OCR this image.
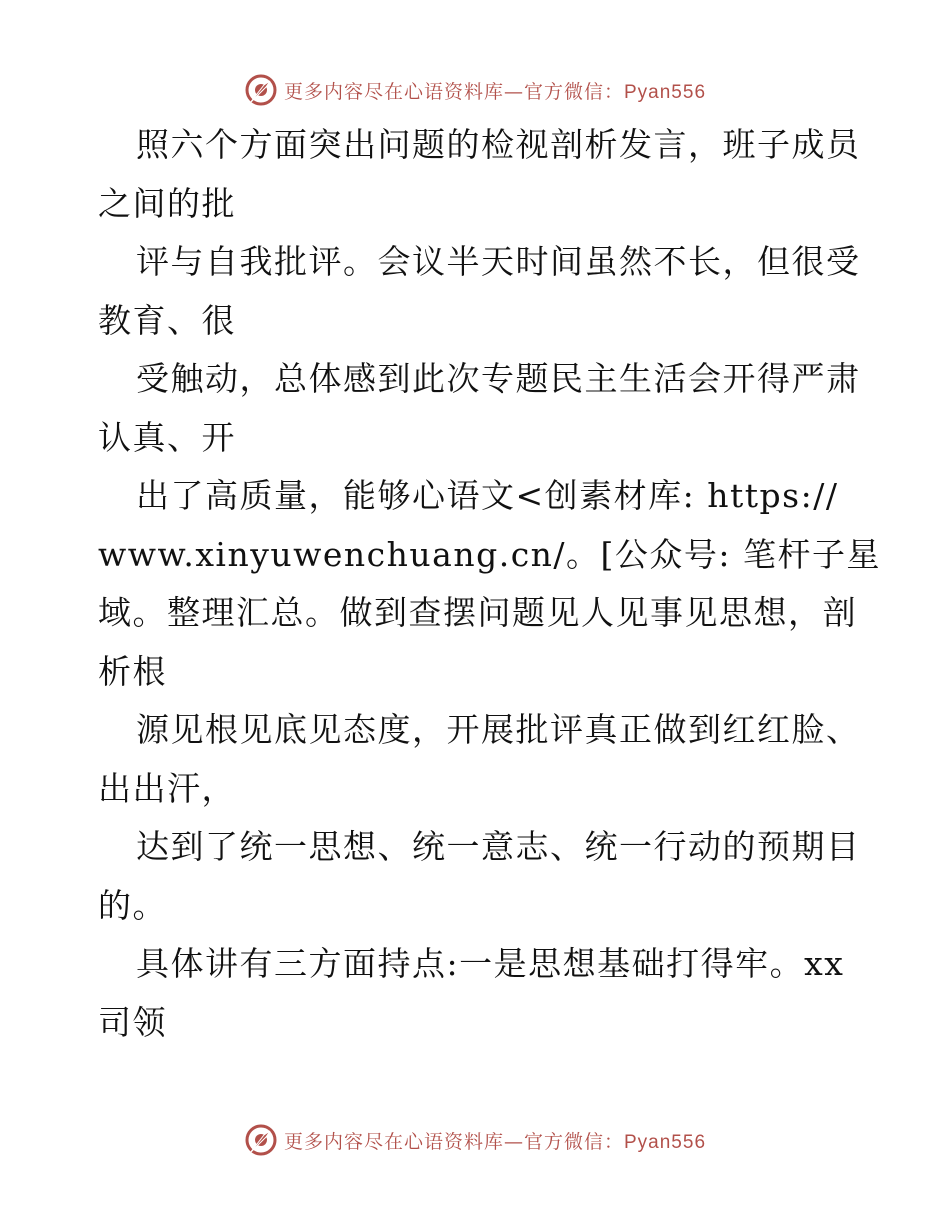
更多内容尽在心语资料库—官方微信：Pyan556
照六个方面突出问题的检视剖析发言，班子成员
之间的批
评与自我批评。会议半天时间虽然不长，但很受
教育、很
受触动，总体感到此次专题民主生活会开得严肃
认真、开
出了高质量，能够心语文<创素材库: https://
www.xinyuwenchuang.cn/。[公众号: 笔杆子星
域。整理汇总。做到查摆问题见人见事见思想，剖
析根
源见根见底见态度，开展批评真正做到红红脸、
出出汗，
达到了统一思想、统一意志、统一行动的预期目
的。
具体讲有三方面持点:一是思想基础打得牢。xx
司领
更多内容尽在心语资料库—官方微信：Pyan556
